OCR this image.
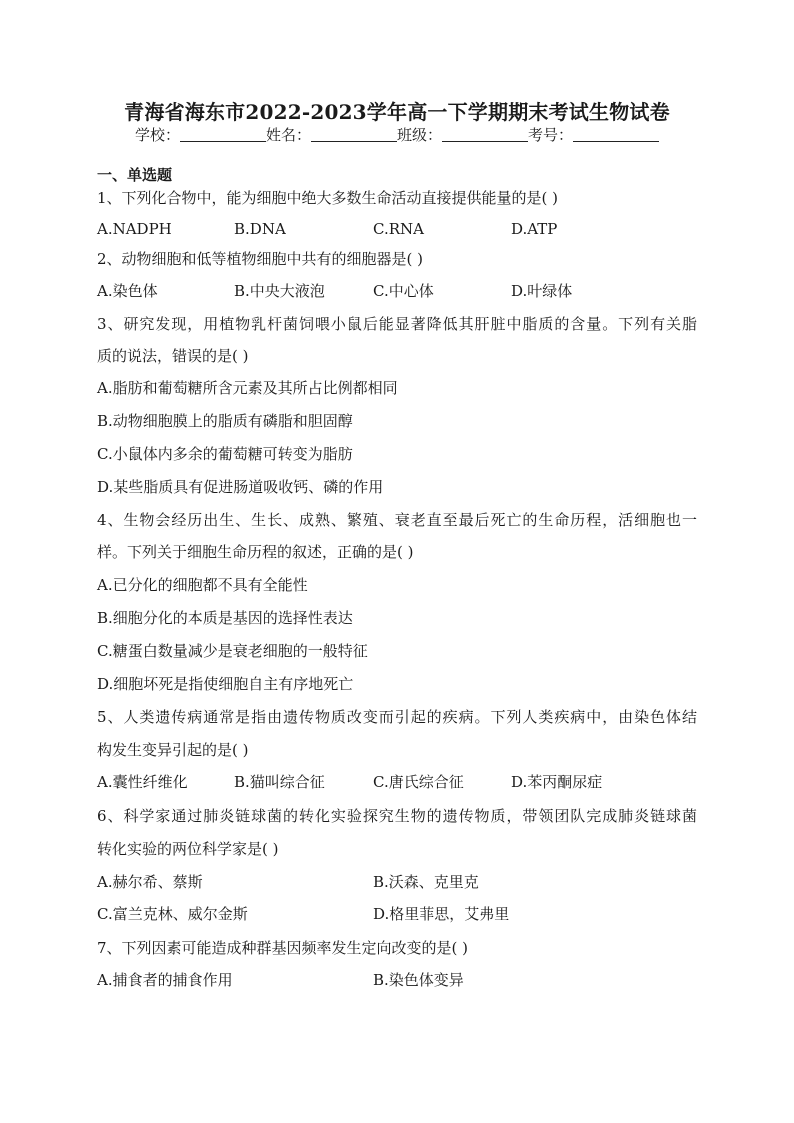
青海省海东市2022-2023学年高一下学期期末考试生物试卷
学校：	姓名：	班级：	考号：
一、单选题
1、下列化合物中，能为细胞中绝大多数生命活动直接提供能量的是( )
A.NADPH	B.DNA	C.RNA	D.ATP
2、动物细胞和低等植物细胞中共有的细胞器是( )
A.染色体	B.中央大液泡	C.中心体	D.叶绿体
3、研究发现，用植物乳杆菌饲喂小鼠后能显著降低其肝脏中脂质的含量。下列有关脂
质的说法，错误的是( )
A.脂肪和葡萄糖所含元素及其所占比例都相同
B.动物细胞膜上的脂质有磷脂和胆固醇
C.小鼠体内多余的葡萄糖可转变为脂肪
D.某些脂质具有促进肠道吸收钙、磷的作用
4、生物会经历出生、生长、成熟、繁殖、衰老直至最后死亡的生命历程，活细胞也一
样。下列关于细胞生命历程的叙述，正确的是( )
A.已分化的细胞都不具有全能性
B.细胞分化的本质是基因的选择性表达
C.糖蛋白数量减少是衰老细胞的一般特征
D.细胞坏死是指使细胞自主有序地死亡
5、人类遗传病通常是指由遗传物质改变而引起的疾病。下列人类疾病中，由染色体结
构发生变异引起的是( )
A.囊性纤维化	B.猫叫综合征	C.唐氏综合征	D.苯丙酮尿症
6、科学家通过肺炎链球菌的转化实验探究生物的遗传物质，带领团队完成肺炎链球菌
转化实验的两位科学家是( )
A.赫尔希、蔡斯	B.沃森、克里克
C.富兰克林、威尔金斯	D.格里菲思，艾弗里
7、下列因素可能造成种群基因频率发生定向改变的是( )
A.捕食者的捕食作用	B.染色体变异
